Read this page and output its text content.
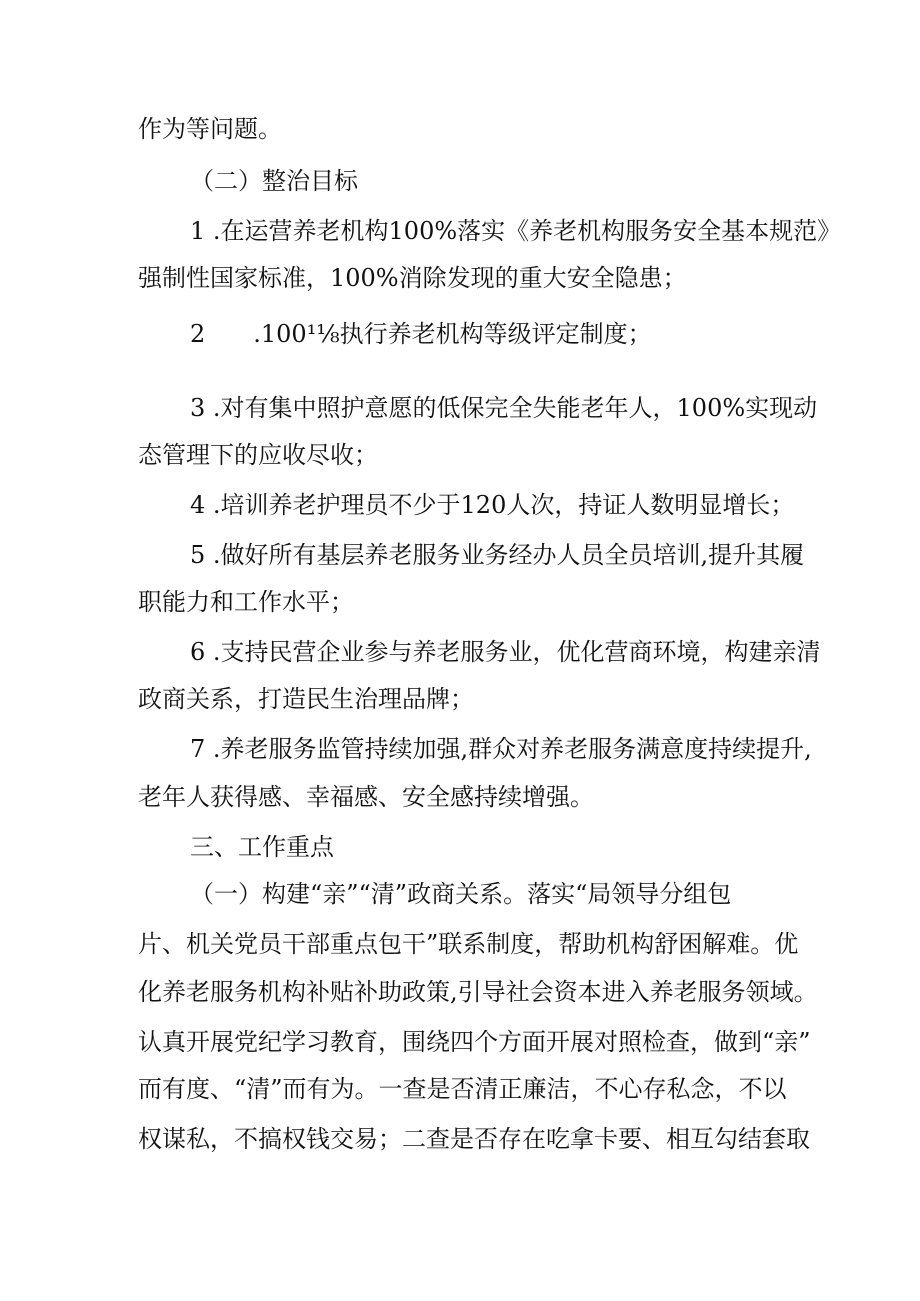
作为等问题。
（二）整治目标
1 .在运营养老机构100%落实《养老机构服务安全基本规范》
强制性国家标准，100%消除发现的重大安全隐患；
2　　.100¹⅛执行养老机构等级评定制度；
3 .对有集中照护意愿的低保完全失能老年人，100%实现动
态管理下的应收尽收；
4 .培训养老护理员不少于120人次，持证人数明显增长；
5 .做好所有基层养老服务业务经办人员全员培训,提升其履
职能力和工作水平；
6 .支持民营企业参与养老服务业，优化营商环境，构建亲清
政商关系，打造民生治理品牌；
7 .养老服务监管持续加强,群众对养老服务满意度持续提升,
老年人获得感、幸福感、安全感持续增强。
三、工作重点
（一）构建“亲”“清”政商关系。落实“局领导分组包
片、机关党员干部重点包干”联系制度，帮助机构舒困解难。优
化养老服务机构补贴补助政策,引导社会资本进入养老服务领域。
认真开展党纪学习教育，围绕四个方面开展对照检查，做到“亲”
而有度、“清”而有为。一查是否清正廉洁，不心存私念，不以
权谋私，不搞权钱交易；二查是否存在吃拿卡要、相互勾结套取
